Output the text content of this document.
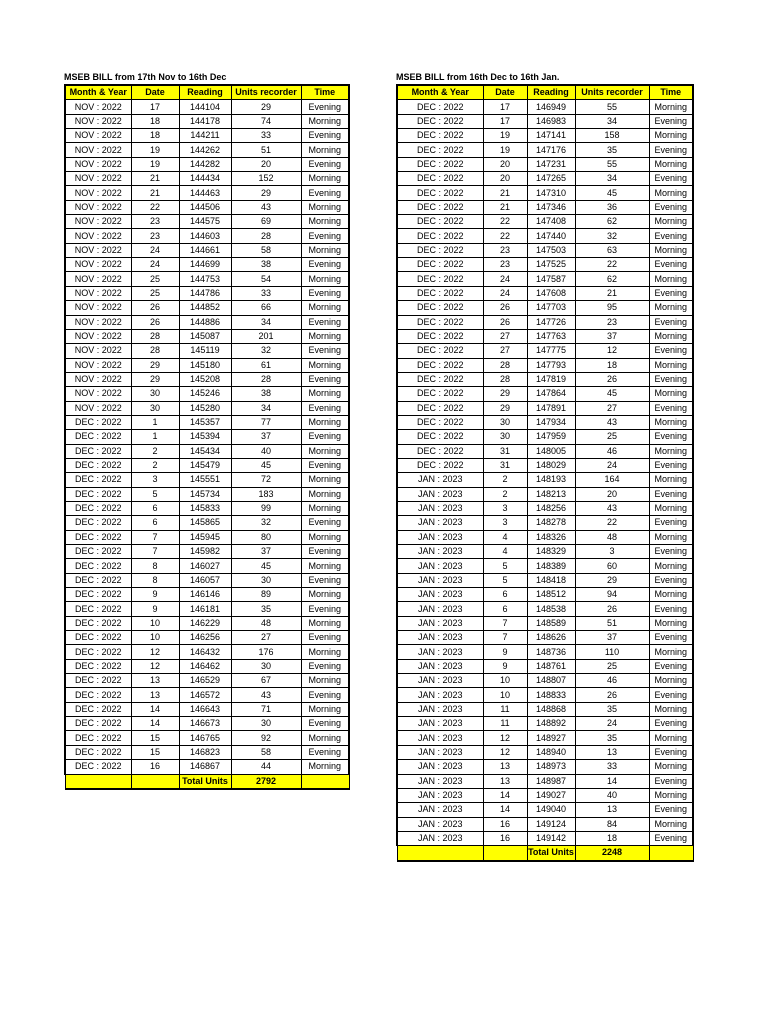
MSEB BILL from 17th Nov to 16th Dec
Month & Year	Date	Reading	Units recorder	Time
NOV : 2022	17	144104	29	Evening
NOV : 2022	18	144178	74	Morning
NOV : 2022	18	144211	33	Evening
NOV : 2022	19	144262	51	Morning
NOV : 2022	19	144282	20	Evening
NOV : 2022	21	144434	152	Morning
NOV : 2022	21	144463	29	Evening
NOV : 2022	22	144506	43	Morning
NOV : 2022	23	144575	69	Morning
NOV : 2022	23	144603	28	Evening
NOV : 2022	24	144661	58	Morning
NOV : 2022	24	144699	38	Evening
NOV : 2022	25	144753	54	Morning
NOV : 2022	25	144786	33	Evening
NOV : 2022	26	144852	66	Morning
NOV : 2022	26	144886	34	Evening
NOV : 2022	28	145087	201	Morning
NOV : 2022	28	145119	32	Evening
NOV : 2022	29	145180	61	Morning
NOV : 2022	29	145208	28	Evening
NOV : 2022	30	145246	38	Morning
NOV : 2022	30	145280	34	Evening
DEC : 2022	1	145357	77	Morning
DEC : 2022	1	145394	37	Evening
DEC : 2022	2	145434	40	Morning
DEC : 2022	2	145479	45	Evening
DEC : 2022	3	145551	72	Morning
DEC : 2022	5	145734	183	Morning
DEC : 2022	6	145833	99	Morning
DEC : 2022	6	145865	32	Evening
DEC : 2022	7	145945	80	Morning
DEC : 2022	7	145982	37	Evening
DEC : 2022	8	146027	45	Morning
DEC : 2022	8	146057	30	Evening
DEC : 2022	9	146146	89	Morning
DEC : 2022	9	146181	35	Evening
DEC : 2022	10	146229	48	Morning
DEC : 2022	10	146256	27	Evening
DEC : 2022	12	146432	176	Morning
DEC : 2022	12	146462	30	Evening
DEC : 2022	13	146529	67	Morning
DEC : 2022	13	146572	43	Evening
DEC : 2022	14	146643	71	Morning
DEC : 2022	14	146673	30	Evening
DEC : 2022	15	146765	92	Morning
DEC : 2022	15	146823	58	Evening
DEC : 2022	16	146867	44	Morning
		Total Units	2792	
MSEB BILL from 16th Dec to 16th Jan.
Month & Year	Date	Reading	Units recorder	Time
DEC : 2022	17	146949	55	Morning
DEC : 2022	17	146983	34	Evening
DEC : 2022	19	147141	158	Morning
DEC : 2022	19	147176	35	Evening
DEC : 2022	20	147231	55	Morning
DEC : 2022	20	147265	34	Evening
DEC : 2022	21	147310	45	Morning
DEC : 2022	21	147346	36	Evening
DEC : 2022	22	147408	62	Morning
DEC : 2022	22	147440	32	Evening
DEC : 2022	23	147503	63	Morning
DEC : 2022	23	147525	22	Evening
DEC : 2022	24	147587	62	Morning
DEC : 2022	24	147608	21	Evening
DEC : 2022	26	147703	95	Morning
DEC : 2022	26	147726	23	Evening
DEC : 2022	27	147763	37	Morning
DEC : 2022	27	147775	12	Evening
DEC : 2022	28	147793	18	Morning
DEC : 2022	28	147819	26	Evening
DEC : 2022	29	147864	45	Morning
DEC : 2022	29	147891	27	Evening
DEC : 2022	30	147934	43	Morning
DEC : 2022	30	147959	25	Evening
DEC : 2022	31	148005	46	Morning
DEC : 2022	31	148029	24	Evening
JAN : 2023	2	148193	164	Morning
JAN : 2023	2	148213	20	Evening
JAN : 2023	3	148256	43	Morning
JAN : 2023	3	148278	22	Evening
JAN : 2023	4	148326	48	Morning
JAN : 2023	4	148329	3	Evening
JAN : 2023	5	148389	60	Morning
JAN : 2023	5	148418	29	Evening
JAN : 2023	6	148512	94	Morning
JAN : 2023	6	148538	26	Evening
JAN : 2023	7	148589	51	Morning
JAN : 2023	7	148626	37	Evening
JAN : 2023	9	148736	110	Morning
JAN : 2023	9	148761	25	Evening
JAN : 2023	10	148807	46	Morning
JAN : 2023	10	148833	26	Evening
JAN : 2023	11	148868	35	Morning
JAN : 2023	11	148892	24	Evening
JAN : 2023	12	148927	35	Morning
JAN : 2023	12	148940	13	Evening
JAN : 2023	13	148973	33	Morning
JAN : 2023	13	148987	14	Evening
JAN : 2023	14	149027	40	Morning
JAN : 2023	14	149040	13	Evening
JAN : 2023	16	149124	84	Morning
JAN : 2023	16	149142	18	Evening
		Total Units	2248	
